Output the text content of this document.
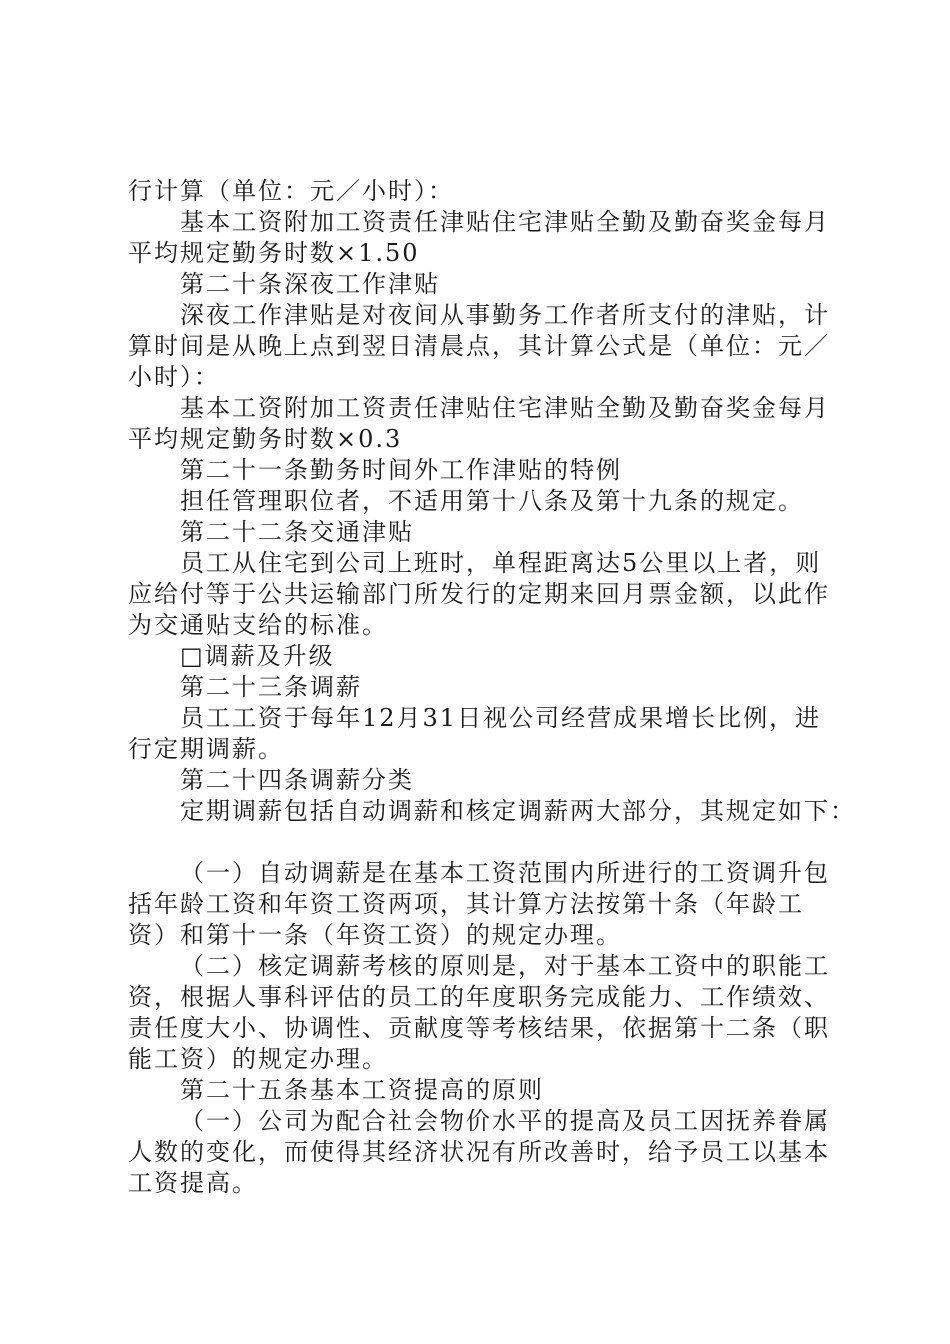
行计算（单位：元／小时）：
基本工资附加工资责任津贴住宅津贴全勤及勤奋奖金每月
平均规定勤务时数×1.50
第二十条深夜工作津贴
深夜工作津贴是对夜间从事勤务工作者所支付的津贴，计
算时间是从晚上点到翌日清晨点，其计算公式是（单位：元／
小时）：
基本工资附加工资责任津贴住宅津贴全勤及勤奋奖金每月
平均规定勤务时数×0.3
第二十一条勤务时间外工作津贴的特例
担任管理职位者，不适用第十八条及第十九条的规定。
第二十二条交通津贴
员工从住宅到公司上班时，单程距离达5公里以上者，则
应给付等于公共运输部门所发行的定期来回月票金额，以此作
为交通贴支给的标准。
□调薪及升级
第二十三条调薪
员工工资于每年12月31日视公司经营成果增长比例，进
行定期调薪。
第二十四条调薪分类
定期调薪包括自动调薪和核定调薪两大部分，其规定如下：
（一）自动调薪是在基本工资范围内所进行的工资调升包
括年龄工资和年资工资两项，其计算方法按第十条（年龄工
资）和第十一条（年资工资）的规定办理。
（二）核定调薪考核的原则是，对于基本工资中的职能工
资，根据人事科评估的员工的年度职务完成能力、工作绩效、
责任度大小、协调性、贡献度等考核结果，依据第十二条（职
能工资）的规定办理。
第二十五条基本工资提高的原则
（一）公司为配合社会物价水平的提高及员工因抚养眷属
人数的变化，而使得其经济状况有所改善时，给予员工以基本
工资提高。
